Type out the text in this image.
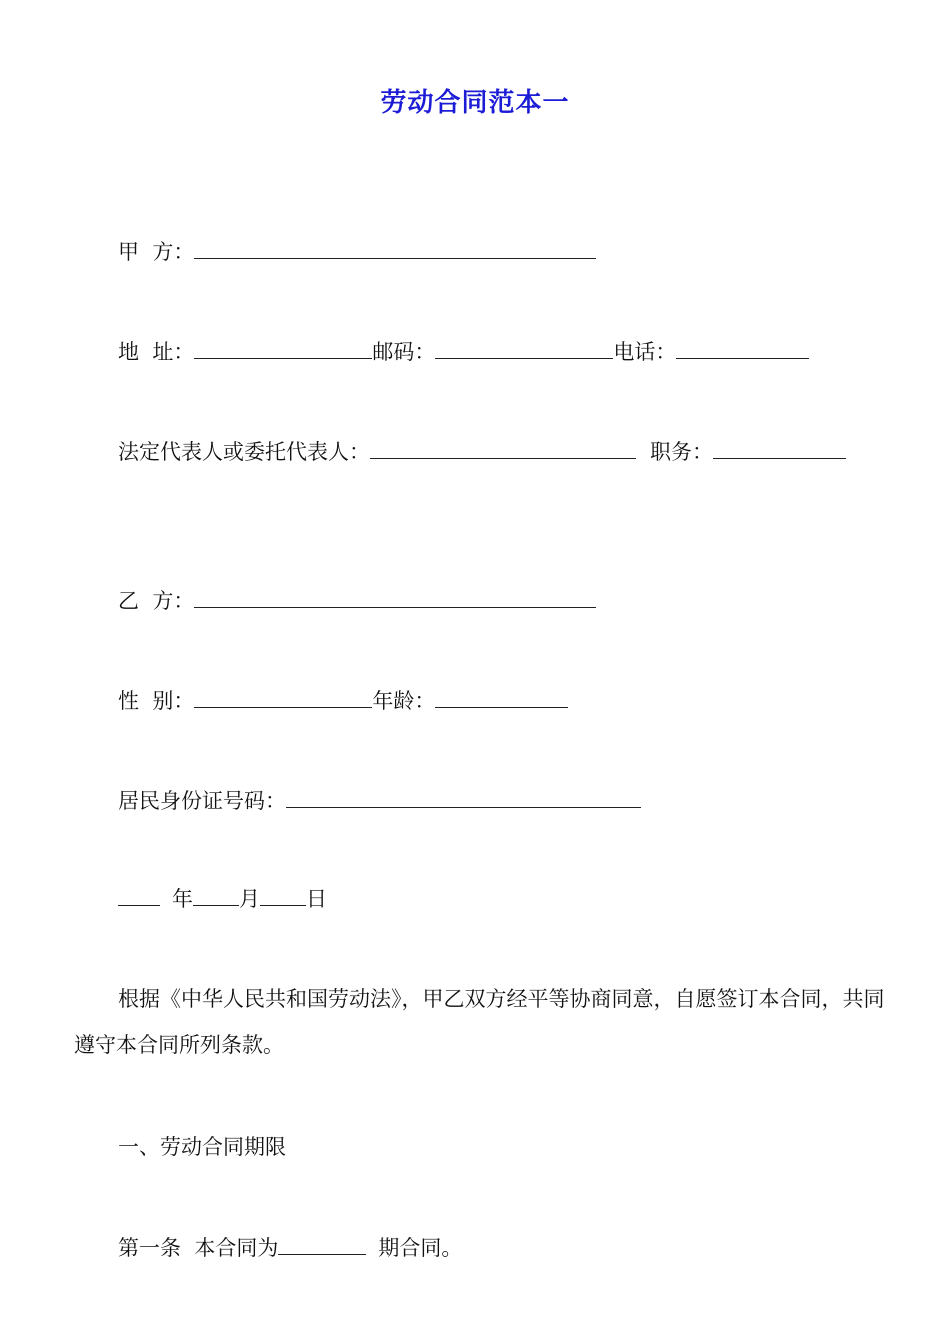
劳动合同范本一
甲  方：
地  址：	邮码：	电话：
法定代表人或委托代表人：	职务：
乙  方：
性  别：	年龄：
居民身份证号码：
年 月 日
根据《中华人民共和国劳动法》，甲乙双方经平等协商同意，自愿签订本合同，共同遵守本合同所列条款。
一、劳动合同期限
第一条  本合同为	期合同。
